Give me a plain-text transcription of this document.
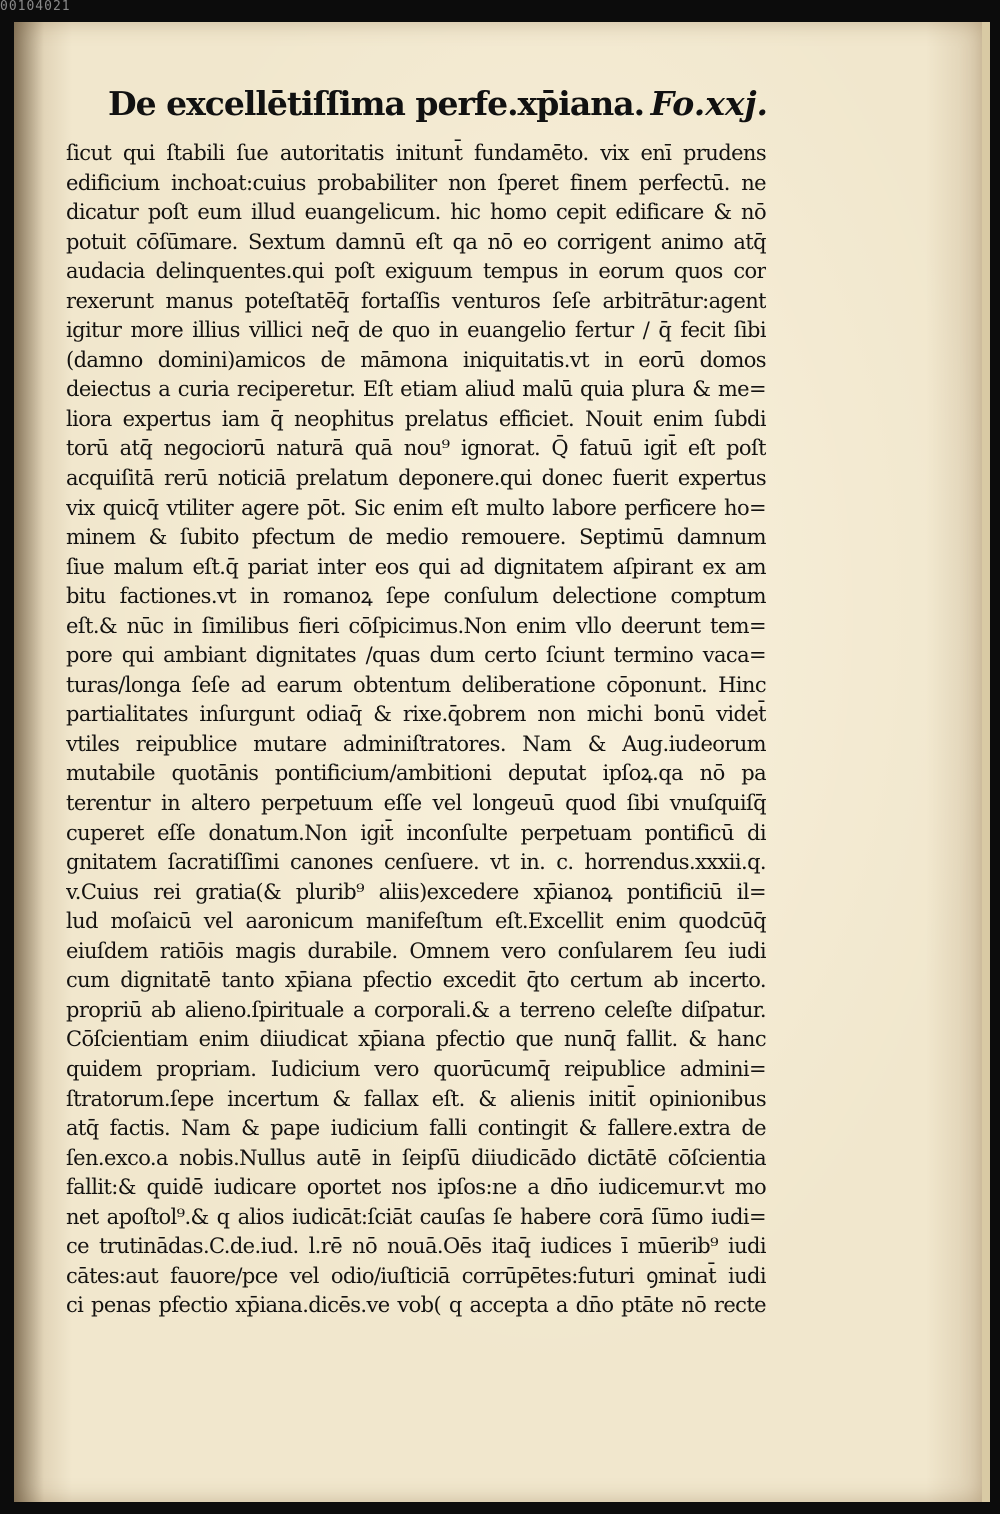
00104021
De excellētiſſima perfe.xp̄iana. Fo.xxj.
ſicut qui ſtabili ſue autoritatis initunt̄ fundamēto. vix enī prudens
edificium inchoat:cuius probabiliter non ſperet finem perfectū. ne
dicatur poſt eum illud euangelicum. hic homo cepit edificare & nō
potuit cōſūmare. Sextum damnū eſt qa nō eo corrigent animo atq̄
audacia delinquentes.qui poſt exiguum tempus in eorum quos cor
rexerunt manus poteſtatēq̄ fortaſſis venturos ſeſe arbitrātur:agent
igitur more illius villici neq̄ de quo in euangelio fertur / q̄ fecit ſibi
(damno domini)amicos de māmona iniquitatis.vt in eorū domos
deiectus a curia reciperetur. Eſt etiam aliud malū quia plura & me=
liora expertus iam q̄ neophitus prelatus efficiet. Nouit enim ſubdi
torū atq̄ negociorū naturā quā nou⁹ ignorat. Q̄ fatuū igit̄ eſt poſt
acquiſitā rerū noticiā prelatum deponere.qui donec fuerit expertus
vix quicq̄ vtiliter agere pōt. Sic enim eſt multo labore perficere ho=
minem & ſubito pfectum de medio remouere. Septimū damnum
ſiue malum eſt.q̄ pariat inter eos qui ad dignitatem aſpirant ex am
bitu factiones.vt in romanoꝝ ſepe conſulum delectione comptum
eſt.& nūc in ſimilibus fieri cōſpicimus.Non enim vllo deerunt tem=
pore qui ambiant dignitates /quas dum certo ſciunt termino vaca=
turas/longa ſeſe ad earum obtentum deliberatione cōponunt. Hinc
partialitates inſurgunt odiaq̄ & rixe.q̄obrem non michi bonū videt̄
vtiles reipublice mutare adminiſtratores. Nam & Aug.iudeorum
mutabile quotānis pontificium/ambitioni deputat ipſoꝝ.qa nō pa
terentur in altero perpetuum eſſe vel longeuū quod ſibi vnuſquiſq̄
cuperet eſſe donatum.Non igit̄ inconſulte perpetuam pontificū di
gnitatem ſacratiſſimi canones cenſuere. vt in. c. horrendus.xxxii.q.
v.Cuius rei gratia(& plurib⁹ aliis)excedere xp̄ianoꝝ pontificiū il=
lud moſaicū vel aaronicum manifeſtum eſt.Excellit enim quodcūq̄
eiuſdem ratiōis magis durabile. Omnem vero conſularem ſeu iudi
cum dignitatē tanto xp̄iana pfectio excedit q̄to certum ab incerto.
propriū ab alieno.ſpirituale a corporali.& a terreno celeſte diſpatur.
Cōſcientiam enim diiudicat xp̄iana pfectio que nunq̄ fallit. & hanc
quidem propriam. Iudicium vero quorūcumq̄ reipublice admini=
ſtratorum.ſepe incertum & fallax eſt. & alienis initit̄ opinionibus
atq̄ factis. Nam & pape iudicium falli contingit & fallere.extra de
ſen.exco.a nobis.Nullus autē in ſeipſū diiudicādo dictātē cōſcientia
fallit:& quidē iudicare oportet nos ipſos:ne a dn̄o iudicemur.vt mo
net apoſtol⁹.& q alios iudicāt:ſciāt cauſas ſe habere corā ſūmo iudi=
ce trutinādas.C.de.iud. l.rē nō nouā.Oēs itaq̄ iudices ī mūerib⁹ iudi
cātes:aut fauore/pce vel odio/iuſticiā corrūpētes:futuri ꝯminat̄ iudi
ci penas pfectio xp̄iana.dicēs.ve vob( q accepta a dn̄o ptāte nō recte
